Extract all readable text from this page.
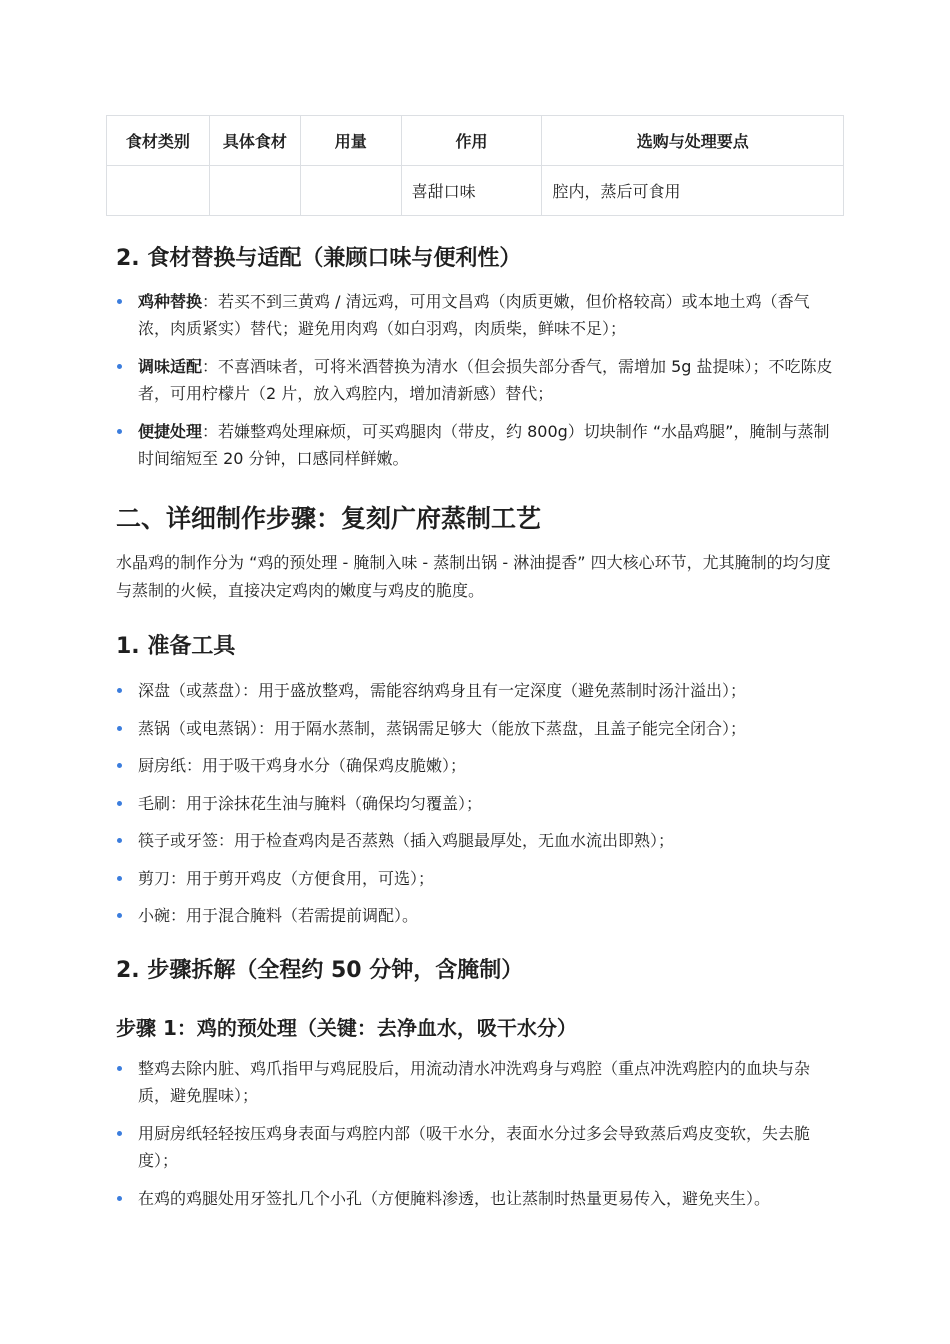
食材类别	具体食材	用量	作用	选购与处理要点
			喜甜口味	腔内，蒸后可食用
2. 食材替换与适配（兼顾口味与便利性）
鸡种替换：若买不到三黄鸡 / 清远鸡，可用文昌鸡（肉质更嫩，但价格较高）或本地土鸡（香气浓，肉质紧实）替代；避免用肉鸡（如白羽鸡，肉质柴，鲜味不足）；
调味适配：不喜酒味者，可将米酒替换为清水（但会损失部分香气，需增加 5g 盐提味）；不吃陈皮者，可用柠檬片（2 片，放入鸡腔内，增加清新感）替代；
便捷处理：若嫌整鸡处理麻烦，可买鸡腿肉（带皮，约 800g）切块制作 “水晶鸡腿”，腌制与蒸制时间缩短至 20 分钟，口感同样鲜嫩。
二、详细制作步骤：复刻广府蒸制工艺

水晶鸡的制作分为 “鸡的预处理 - 腌制入味 - 蒸制出锅 - 淋油提香” 四大核心环节，尤其腌制的均匀度与蒸制的火候，直接决定鸡肉的嫩度与鸡皮的脆度。

1. 准备工具
深盘（或蒸盘）：用于盛放整鸡，需能容纳鸡身且有一定深度（避免蒸制时汤汁溢出）；
蒸锅（或电蒸锅）：用于隔水蒸制，蒸锅需足够大（能放下蒸盘，且盖子能完全闭合）；
厨房纸：用于吸干鸡身水分（确保鸡皮脆嫩）；
毛刷：用于涂抹花生油与腌料（确保均匀覆盖）；
筷子或牙签：用于检查鸡肉是否蒸熟（插入鸡腿最厚处，无血水流出即熟）；
剪刀：用于剪开鸡皮（方便食用，可选）；
小碗：用于混合腌料（若需提前调配）。
2. 步骤拆解（全程约 50 分钟，含腌制）
步骤 1：鸡的预处理（关键：去净血水，吸干水分）
整鸡去除内脏、鸡爪指甲与鸡屁股后，用流动清水冲洗鸡身与鸡腔（重点冲洗鸡腔内的血块与杂质，避免腥味）；
用厨房纸轻轻按压鸡身表面与鸡腔内部（吸干水分，表面水分过多会导致蒸后鸡皮变软，失去脆度）；
在鸡的鸡腿处用牙签扎几个小孔（方便腌料渗透，也让蒸制时热量更易传入，避免夹生）。
